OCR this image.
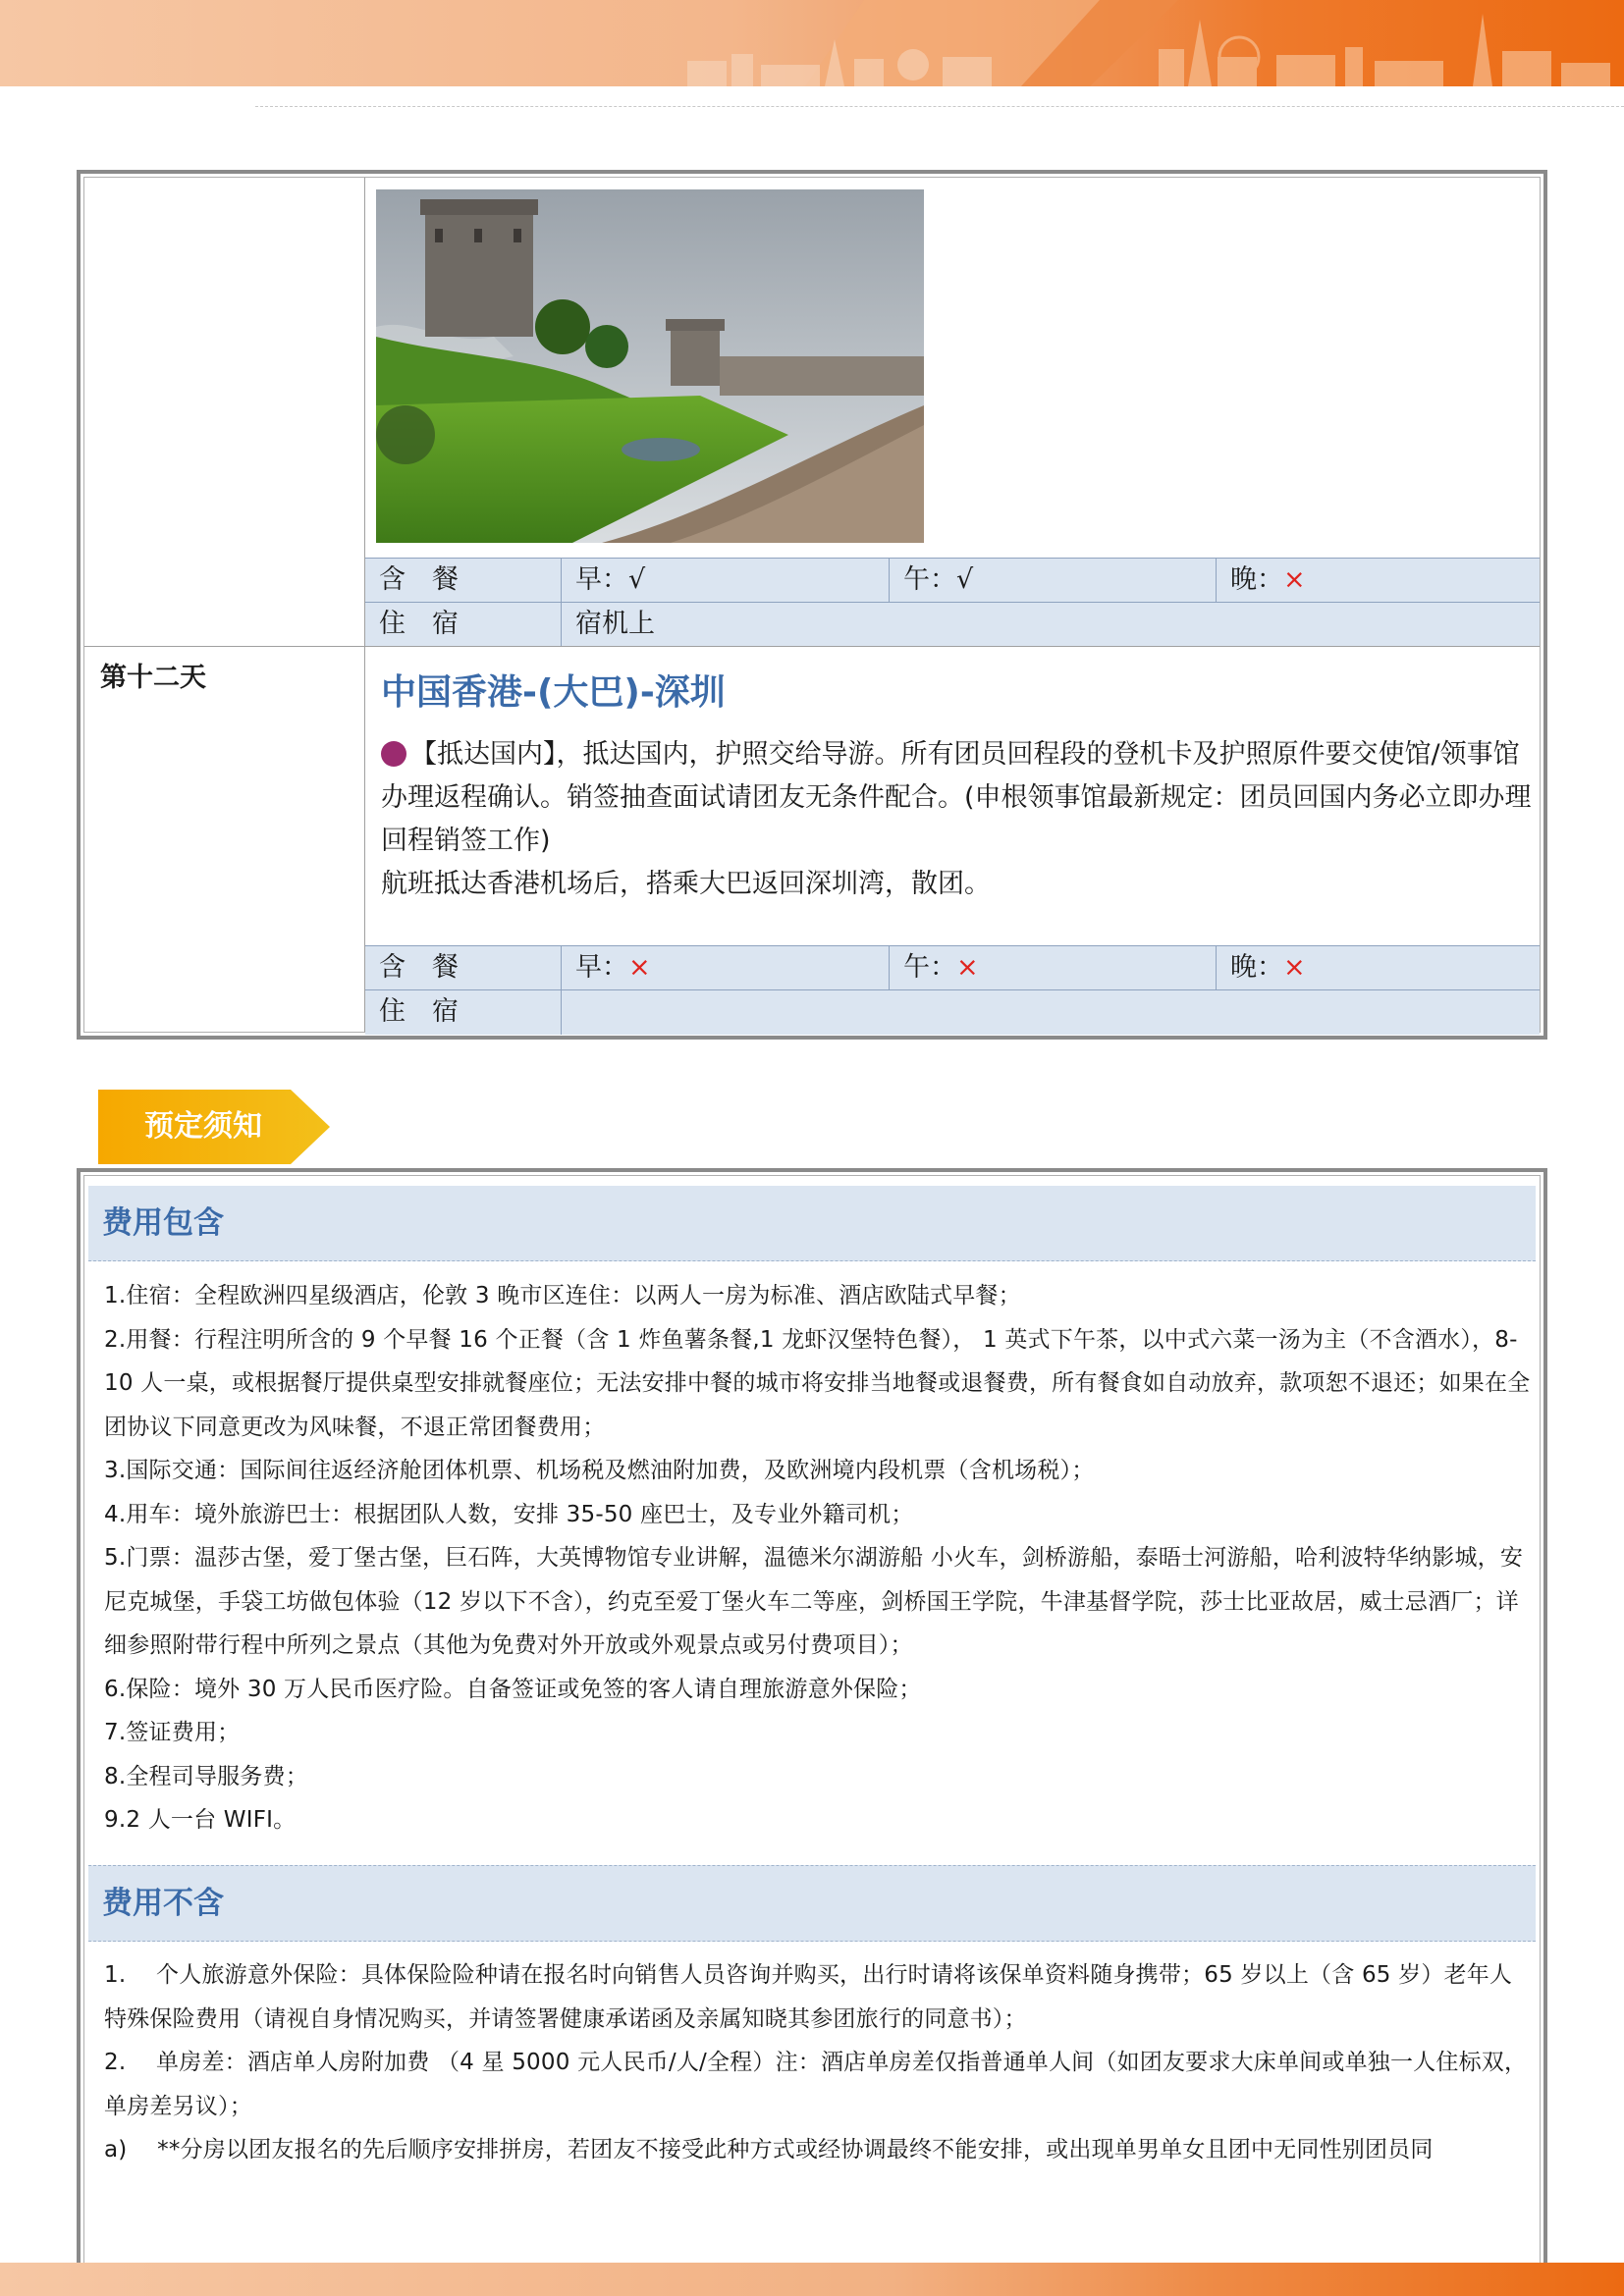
含　餐	早：√	午：√	晚：×
住　宿	宿机上
第十二天	中国香港-(大巴)-深圳
【抵达国内】，抵达国内，护照交给导游。所有团员回程段的登机卡及护照原件要交使馆/领事馆办理返程确认。销签抽查面试请团友无条件配合。(申根领事馆最新规定：团员回国内务必立即办理回程销签工作)
航班抵达香港机场后，搭乘大巴返回深圳湾，散团。
含　餐	早：×	午：×	晚：×
住　宿
预定须知
费用包含

1.住宿：全程欧洲四星级酒店，伦敦 3 晚市区连住：以两人一房为标准、酒店欧陆式早餐；

2.用餐：行程注明所含的 9 个早餐 16 个正餐（含 1 炸鱼薯条餐,1 龙虾汉堡特色餐）， 1 英式下午茶，以中式六菜一汤为主（不含酒水），8-10 人一桌，或根据餐厅提供桌型安排就餐座位；无法安排中餐的城市将安排当地餐或退餐费，所有餐食如自动放弃，款项恕不退还；如果在全团协议下同意更改为风味餐，不退正常团餐费用；

3.国际交通：国际间往返经济舱团体机票、机场税及燃油附加费，及欧洲境内段机票（含机场税）；

4.用车：境外旅游巴士：根据团队人数，安排 35-50 座巴士，及专业外籍司机；

5.门票：温莎古堡，爱丁堡古堡，巨石阵，大英博物馆专业讲解，温德米尔湖游船 小火车，剑桥游船，泰晤士河游船，哈利波特华纳影城，安尼克城堡，手袋工坊做包体验（12 岁以下不含），约克至爱丁堡火车二等座，剑桥国王学院，牛津基督学院，莎士比亚故居，威士忌酒厂；详细参照附带行程中所列之景点（其他为免费对外开放或外观景点或另付费项目）；

6.保险：境外 30 万人民币医疗险。自备签证或免签的客人请自理旅游意外保险；

7.签证费用；

8.全程司导服务费；

9.2 人一台 WIFI。

费用不含

1.　 个人旅游意外保险：具体保险险种请在报名时向销售人员咨询并购买，出行时请将该保单资料随身携带；65 岁以上（含 65 岁）老年人特殊保险费用（请视自身情况购买，并请签署健康承诺函及亲属知晓其参团旅行的同意书）；

2.　 单房差：酒店单人房附加费 （4 星 5000 元人民币/人/全程）注：酒店单房差仅指普通单人间（如团友要求大床单间或单独一人住标双，单房差另议）；

a)　 **分房以团友报名的先后顺序安排拼房，若团友不接受此种方式或经协调最终不能安排，或出现单男单女且团中无同性别团员同
